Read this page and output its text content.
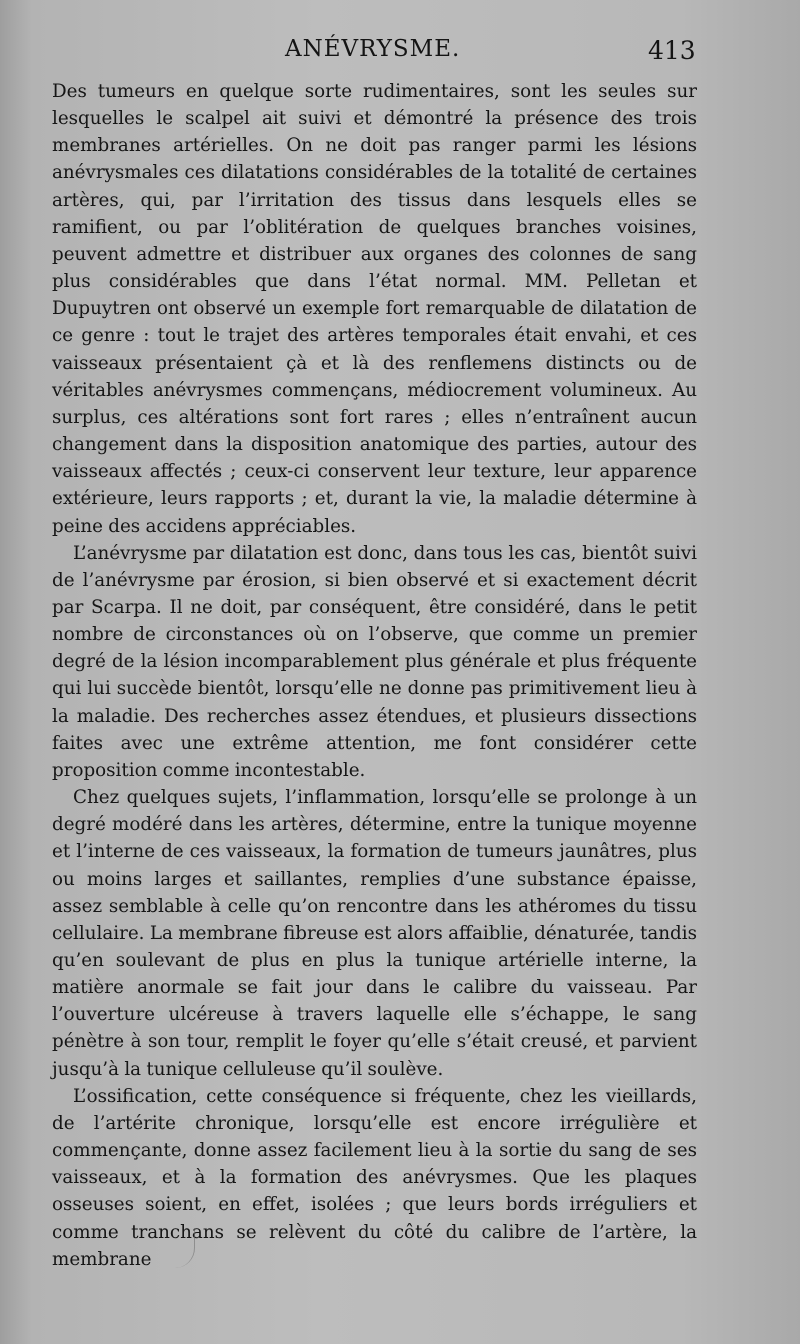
ANÉVRYSME.	413

Des tumeurs en quelque sorte rudimentaires, sont les seules sur lesquelles le scalpel ait suivi et démontré la présence des trois membranes artérielles. On ne doit pas ranger parmi les lésions anévrysmales ces dilatations considérables de la totalité de certaines artères, qui, par l’irritation des tissus dans lesquels elles se ramifient, ou par l’oblitération de quelques branches voisines, peuvent admettre et distribuer aux organes des colonnes de sang plus considérables que dans l’état normal. MM. Pelletan et Dupuytren ont observé un exemple fort remarquable de dilatation de ce genre : tout le trajet des artères temporales était envahi, et ces vaisseaux présentaient çà et là des renflemens distincts ou de véritables anévrysmes commençans, médiocrement volumineux. Au surplus, ces altérations sont fort rares ; elles n’entraînent aucun changement dans la disposition anatomique des parties, autour des vaisseaux affectés ; ceux-ci conservent leur texture, leur apparence extérieure, leurs rapports ; et, durant la vie, la maladie détermine à peine des accidens appréciables.

L’anévrysme par dilatation est donc, dans tous les cas, bientôt suivi de l’anévrysme par érosion, si bien observé et si exactement décrit par Scarpa. Il ne doit, par conséquent, être considéré, dans le petit nombre de circonstances où on l’observe, que comme un premier degré de la lésion incomparablement plus générale et plus fréquente qui lui succède bientôt, lorsqu’elle ne donne pas primitivement lieu à la maladie. Des recherches assez étendues, et plusieurs dissections faites avec une extrême attention, me font considérer cette proposition comme incontestable.

Chez quelques sujets, l’inflammation, lorsqu’elle se prolonge à un degré modéré dans les artères, détermine, entre la tunique moyenne et l’interne de ces vaisseaux, la formation de tumeurs jaunâtres, plus ou moins larges et saillantes, remplies d’une substance épaisse, assez semblable à celle qu’on rencontre dans les athéromes du tissu cellulaire. La membrane fibreuse est alors affaiblie, dénaturée, tandis qu’en soulevant de plus en plus la tunique artérielle interne, la matière anormale se fait jour dans le calibre du vaisseau. Par l’ouverture ulcéreuse à travers laquelle elle s’échappe, le sang pénètre à son tour, remplit le foyer qu’elle s’était creusé, et parvient jusqu’à la tunique celluleuse qu’il soulève.

L’ossification, cette conséquence si fréquente, chez les vieillards, de l’artérite chronique, lorsqu’elle est encore irrégulière et commençante, donne assez facilement lieu à la sortie du sang de ses vaisseaux, et à la formation des anévrysmes. Que les plaques osseuses soient, en effet, isolées ; que leurs bords irréguliers et comme tranchans se relèvent du côté du calibre de l’artère, la membrane
